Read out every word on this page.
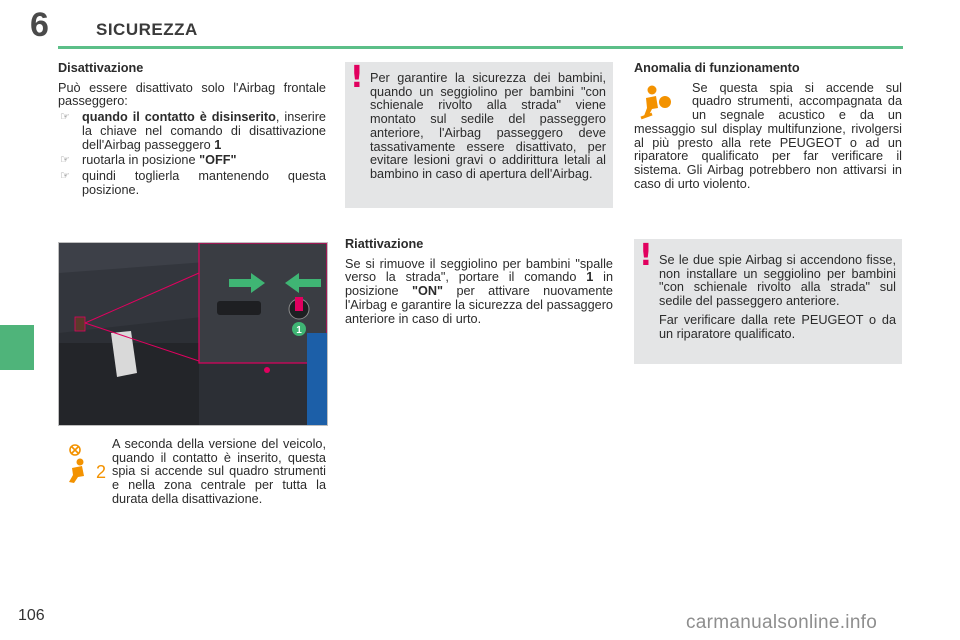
6	SICUREZZA

Disattivazione

Può essere disattivato solo l'Airbag frontale passeggero:

☞ quando il contatto è disinserito, inserire la chiave nel comando di disattivazione dell'Airbag passeggero 1
☞ ruotarla in posizione "OFF"
☞ quindi toglierla mantenendo questa posizione.
! Per garantire la sicurezza dei bambini, quando un seggiolino per bambini "con schienale rivolto alla strada" viene montato sul sedile del passeggero anteriore, l'Airbag passeggero deve tassativamente essere disattivato, per evitare lesioni gravi o addirittura letali al bambino in caso di apertura dell'Airbag.

Anomalia di funzionamento

Se questa spia si accende sul quadro strumenti, accompagnata da un segnale acustico e da un messaggio sul display multifunzione, rivolgersi al più presto alla rete PEUGEOT o ad un riparatore qualificato per far verificare il sistema. Gli Airbag potrebbero non attivarsi in caso di urto violento.
1
2

A seconda della versione del veicolo, quando il contatto è inserito, questa spia si accende sul quadro strumenti e nella zona centrale per tutta la durata della disattivazione.

Riattivazione

Se si rimuove il seggiolino per bambini "spalle verso la strada", portare il comando 1 in posizione "ON" per attivare nuovamente l'Airbag e garantire la sicurezza del passaggero anteriore in caso di urto.

! Se le due spie Airbag si accendono fisse, non installare un seggiolino per bambini "con schienale rivolto alla strada" sul sedile del passeggero anteriore.

Far verificare dalla rete PEUGEOT o da un riparatore qualificato.

106	carmanualsonline.info
